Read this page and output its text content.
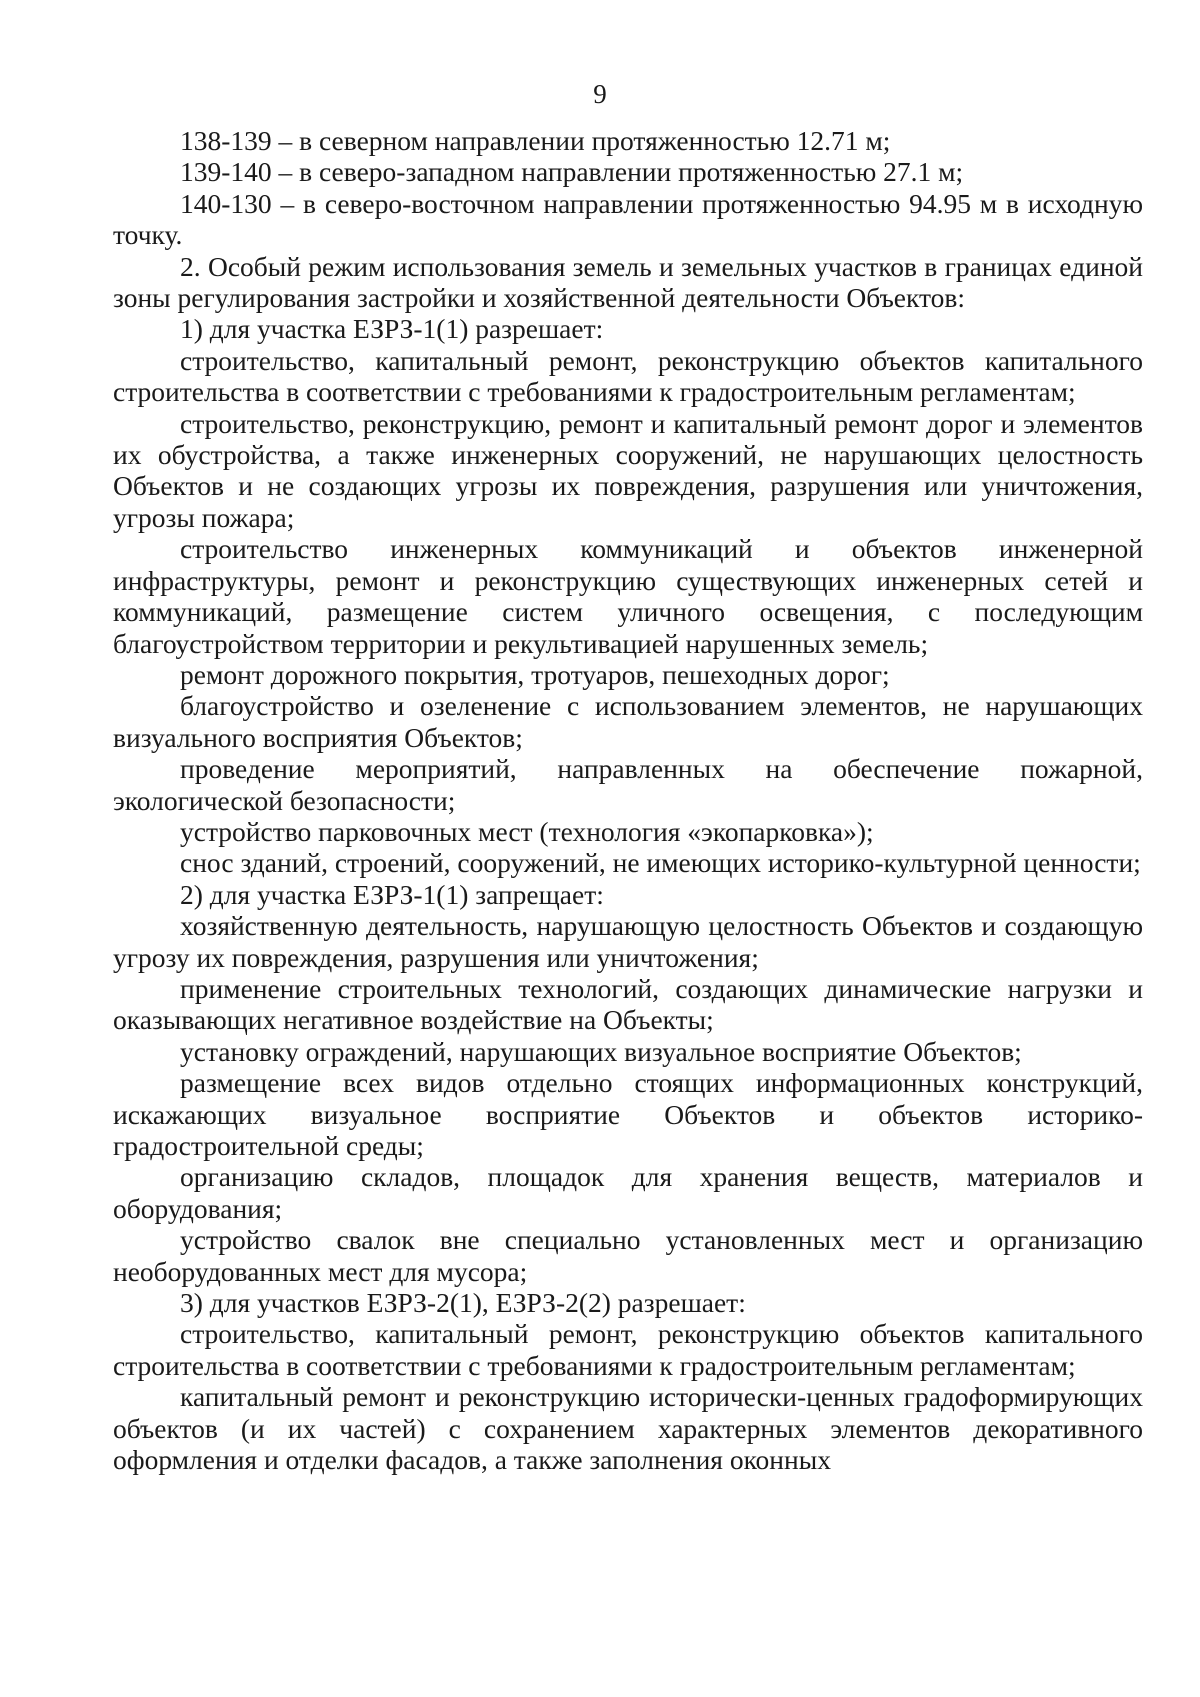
9

138-139 – в северном направлении протяженностью 12.71 м;

139-140 – в северо-западном направлении протяженностью 27.1 м;

140-130 – в северо-восточном направлении протяженностью 94.95 м в исходную точку.

2. Особый режим использования земель и земельных участков в границах единой зоны регулирования застройки и хозяйственной деятельности Объектов:

1) для участка ЕЗРЗ-1(1) разрешает:

строительство, капитальный ремонт, реконструкцию объектов капитального строительства в соответствии с требованиями к градостроительным регламентам;

строительство, реконструкцию, ремонт и капитальный ремонт дорог и элементов их обустройства, а также инженерных сооружений, не нарушающих целостность Объектов и не создающих угрозы их повреждения, разрушения или уничтожения, угрозы пожара;

строительство инженерных коммуникаций и объектов инженерной инфраструктуры, ремонт и реконструкцию существующих инженерных сетей и коммуникаций, размещение систем уличного освещения, с последующим благоустройством территории и рекультивацией нарушенных земель;

ремонт дорожного покрытия, тротуаров, пешеходных дорог;

благоустройство и озеленение с использованием элементов, не нарушающих визуального восприятия Объектов;

проведение мероприятий, направленных на обеспечение пожарной, экологической безопасности;

устройство парковочных мест (технология «экопарковка»);

снос зданий, строений, сооружений, не имеющих историко-культурной ценности;

2) для участка ЕЗРЗ-1(1) запрещает:

хозяйственную деятельность, нарушающую целостность Объектов и создающую угрозу их повреждения, разрушения или уничтожения;

применение строительных технологий, создающих динамические нагрузки и оказывающих негативное воздействие на Объекты;

установку ограждений, нарушающих визуальное восприятие Объектов;

размещение всех видов отдельно стоящих информационных конструкций, искажающих визуальное восприятие Объектов и объектов историко-градостроительной среды;

организацию складов, площадок для хранения веществ, материалов и оборудования;

устройство свалок вне специально установленных мест и организацию необорудованных мест для мусора;

3) для участков ЕЗРЗ-2(1), ЕЗРЗ-2(2) разрешает:

строительство, капитальный ремонт, реконструкцию объектов капитального строительства в соответствии с требованиями к градостроительным регламентам;

капитальный ремонт и реконструкцию исторически-ценных градоформирующих объектов (и их частей) с сохранением характерных элементов декоративного оформления и отделки фасадов, а также заполнения оконных
